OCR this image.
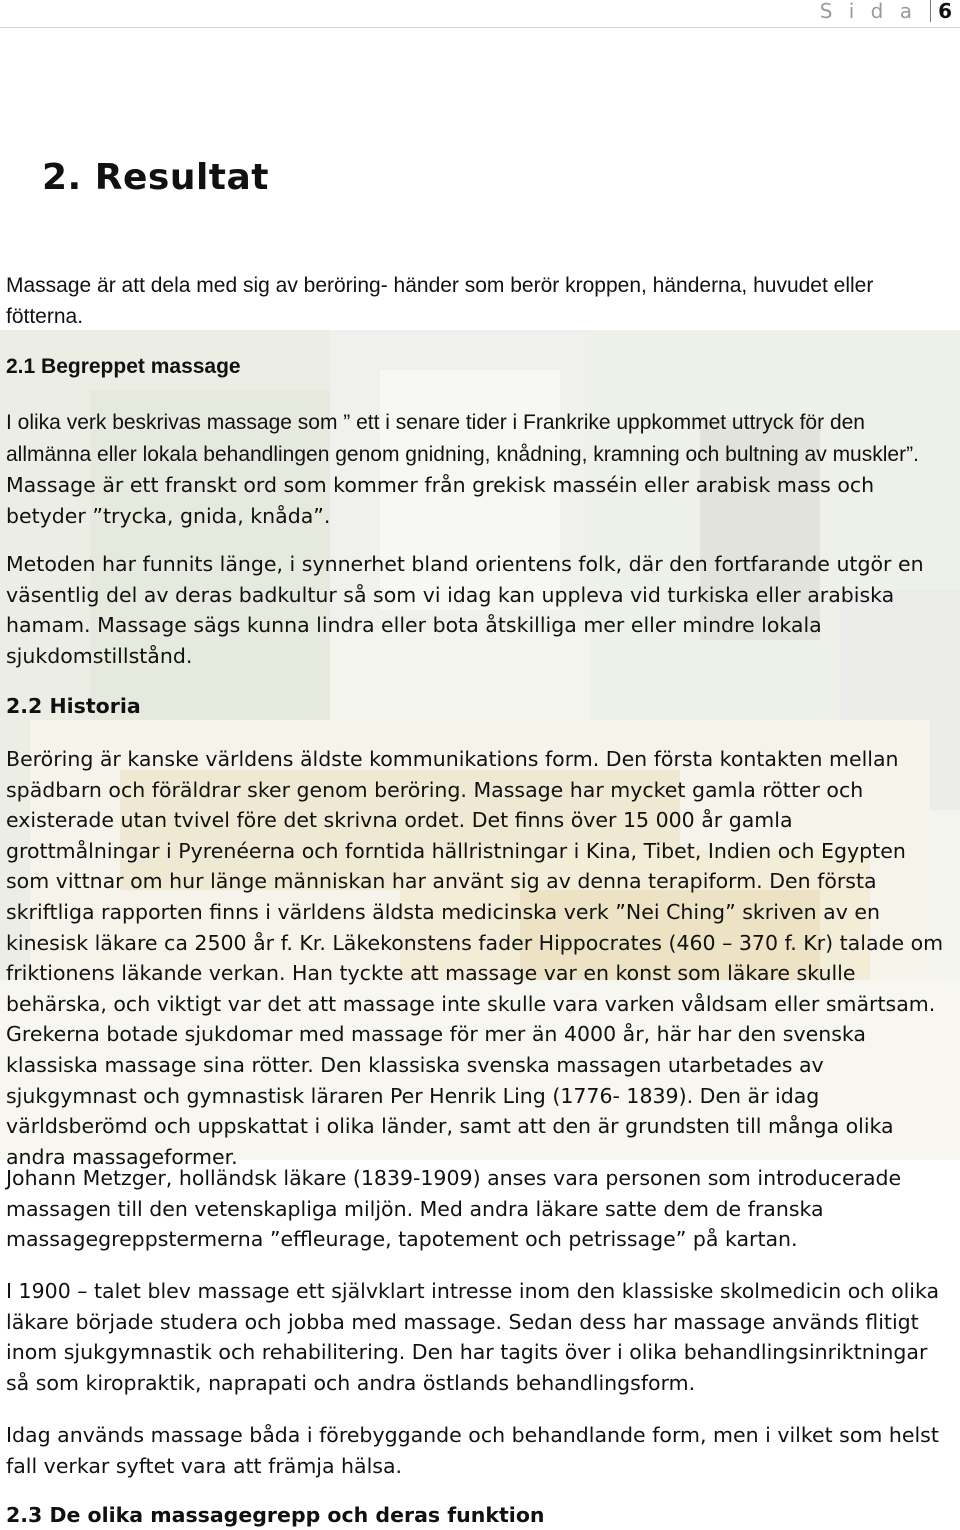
S i d a 6
2. Resultat

Massage är att dela med sig av beröring- händer som berör kroppen, händerna, huvudet eller fötterna.

2.1 Begreppet massage

I olika verk beskrivas massage som ” ett i senare tider i Frankrike uppkommet uttryck för den allmänna eller lokala behandlingen genom gnidning, knådning, kramning och bultning av muskler”. Massage är ett franskt ord som kommer från grekisk masséin eller arabisk mass och betyder ”trycka, gnida, knåda”.

Metoden har funnits länge, i synnerhet bland orientens folk, där den fortfarande utgör en väsentlig del av deras badkultur så som vi idag kan uppleva vid turkiska eller arabiska hamam. Massage sägs kunna lindra eller bota åtskilliga mer eller mindre lokala sjukdomstillstånd.

2.2 Historia

Beröring är kanske världens äldste kommunikations form. Den första kontakten mellan spädbarn och föräldrar sker genom beröring. Massage har mycket gamla rötter och existerade utan tvivel före det skrivna ordet. Det finns över 15 000 år gamla grottmålningar i Pyrenéerna och forntida hällristningar i Kina, Tibet, Indien och Egypten som vittnar om hur länge människan har använt sig av denna terapiform. Den första skriftliga rapporten finns i världens äldsta medicinska verk ”Nei Ching” skriven av en kinesisk läkare ca 2500 år f. Kr. Läkekonstens fader Hippocrates (460 – 370 f. Kr) talade om friktionens läkande verkan. Han tyckte att massage var en konst som läkare skulle behärska, och viktigt var det att massage inte skulle vara varken våldsam eller smärtsam. Grekerna botade sjukdomar med massage för mer än 4000 år, här har den svenska klassiska massage sina rötter. Den klassiska svenska massagen utarbetades av sjukgymnast och gymnastisk läraren Per Henrik Ling (1776- 1839). Den är idag världsberömd och uppskattat i olika länder, samt att den är grundsten till många olika andra massageformer.

Johann Metzger, holländsk läkare (1839-1909) anses vara personen som introducerade massagen till den vetenskapliga miljön. Med andra läkare satte dem de franska massagegreppstermerna ”effleurage, tapotement och petrissage” på kartan.

I 1900 – talet blev massage ett självklart intresse inom den klassiske skolmedicin och olika läkare började studera och jobba med massage. Sedan dess har massage används flitigt inom sjukgymnastik och rehabilitering. Den har tagits över i olika behandlingsinriktningar så som kiropraktik, naprapati och andra östlands behandlingsform.

Idag används massage båda i förebyggande och behandlande form, men i vilket som helst fall verkar syftet vara att främja hälsa.

2.3 De olika massagegrepp och deras funktion
